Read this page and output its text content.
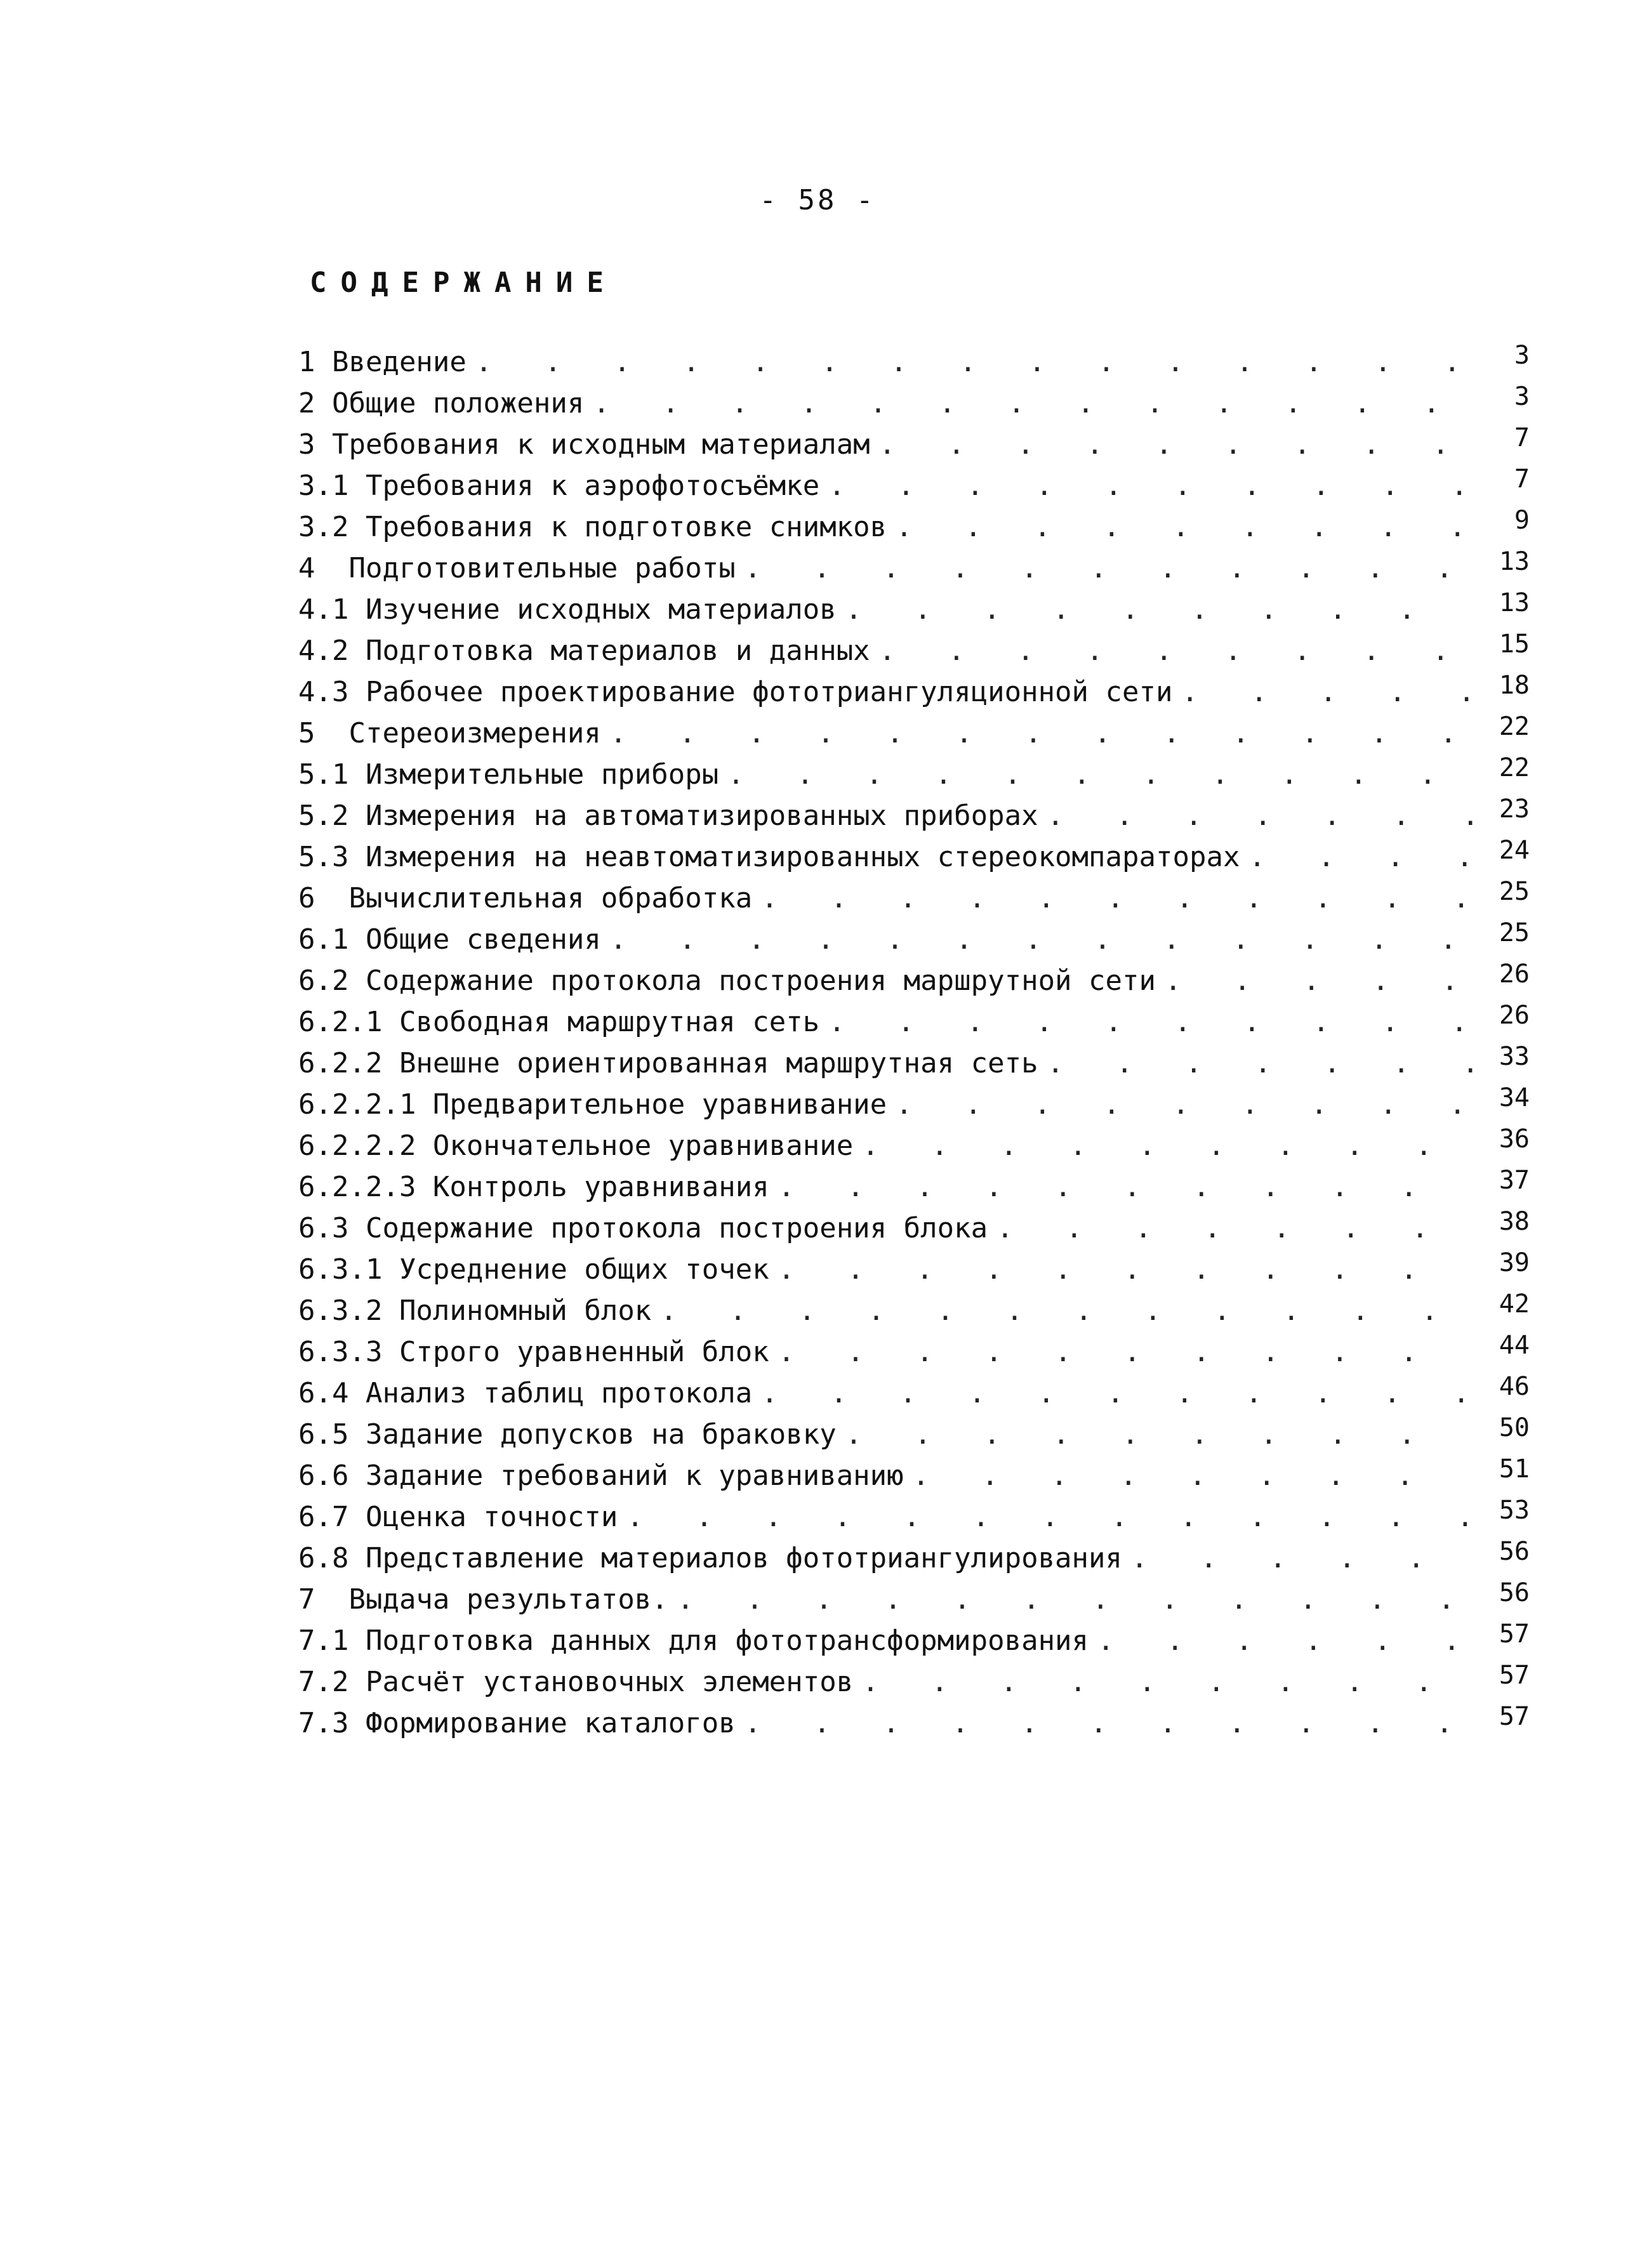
- 58 -
СОДЕРЖАНИЕ
1 Введение . . .	3
2 Общие положения . . .	3
3 Требования к исходным материалам . . .	7
3.1 Требования к аэрофотосъёмке . . .	7
3.2 Требования к подготовке снимков . . .	9
4  Подготовительные работы . . .	13
4.1 Изучение исходных материалов . . .	13
4.2 Подготовка материалов и данных . . .	15
4.3 Рабочее проектирование фототриангуляционной сети . . .	18
5  Стереоизмерения . . .	22
5.1 Измерительные приборы . . .	22
5.2 Измерения на автоматизированных приборах . . .	23
5.3 Измерения на неавтоматизированных стереокомпараторах . . .	24
6  Вычислительная обработка . . .	25
6.1 Общие сведения . . .	25
6.2 Содержание протокола построения маршрутной сети . . .	26
6.2.1 Свободная маршрутная сеть . . .	26
6.2.2 Внешне ориентированная маршрутная сеть . . .	33
6.2.2.1 Предварительное уравнивание . . .	34
6.2.2.2 Окончательное уравнивание . . .	36
6.2.2.3 Контроль уравнивания . . .	37
6.3 Содержание протокола построения блока . . .	38
6.3.1 Усреднение общих точек . . .	39
6.3.2 Полиномный блок . . .	42
6.3.3 Строго уравненный блок . . .	44
6.4 Анализ таблиц протокола . . .	46
6.5 Задание допусков на браковку . . .	50
6.6 Задание требований к уравниванию . . .	51
6.7 Оценка точности . . .	53
6.8 Представление материалов фототриангулирования . . .	56
7  Выдача результатов. . . .	56
7.1 Подготовка данных для фототрансформирования . . .	57
7.2 Расчёт установочных элементов . . .	57
7.3 Формирование каталогов . . .	57
